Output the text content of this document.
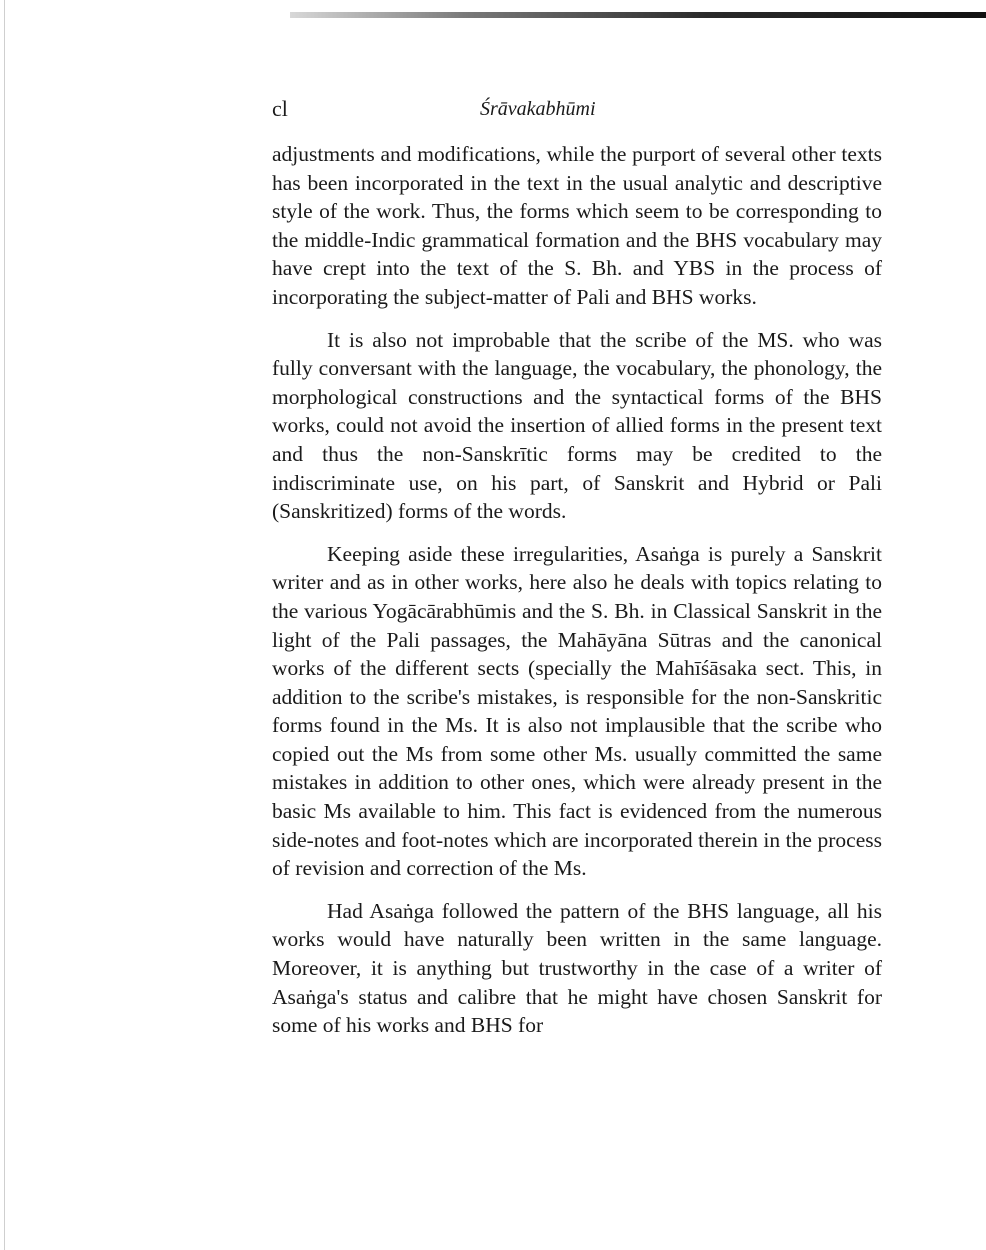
cl	Śrāvakabhūmi

adjustments and modifications, while the purport of several other texts has been incorporated in the text in the usual analytic and descriptive style of the work. Thus, the forms which seem to be corresponding to the middle-Indic grammatical formation and the BHS vocabulary may have crept into the text of the S. Bh. and YBS in the process of incorporating the subject-matter of Pali and BHS works.

It is also not improbable that the scribe of the MS. who was fully conversant with the language, the vocabulary, the phonology, the morphological constructions and the syntactical forms of the BHS works, could not avoid the insertion of allied forms in the present text and thus the non-Sanskrītic forms may be credited to the indiscriminate use, on his part, of Sanskrit and Hybrid or Pali (Sanskritized) forms of the words.

Keeping aside these irregularities, Asaṅga is purely a Sanskrit writer and as in other works, here also he deals with topics relating to the various Yogācārabhūmis and the S. Bh. in Classical Sanskrit in the light of the Pali passages, the Mahāyāna Sūtras and the canonical works of the different sects (specially the Mahīśāsaka sect. This, in addition to the scribe's mistakes, is responsible for the non-Sanskritic forms found in the Ms. It is also not implausible that the scribe who copied out the Ms from some other Ms. usually committed the same mistakes in addition to other ones, which were already present in the basic Ms available to him. This fact is evidenced from the numerous side-notes and foot-notes which are incorporated therein in the process of revision and correction of the Ms.

Had Asaṅga followed the pattern of the BHS language, all his works would have naturally been written in the same language. Moreover, it is anything but trustworthy in the case of a writer of Asaṅga's status and calibre that he might have chosen Sanskrit for some of his works and BHS for
